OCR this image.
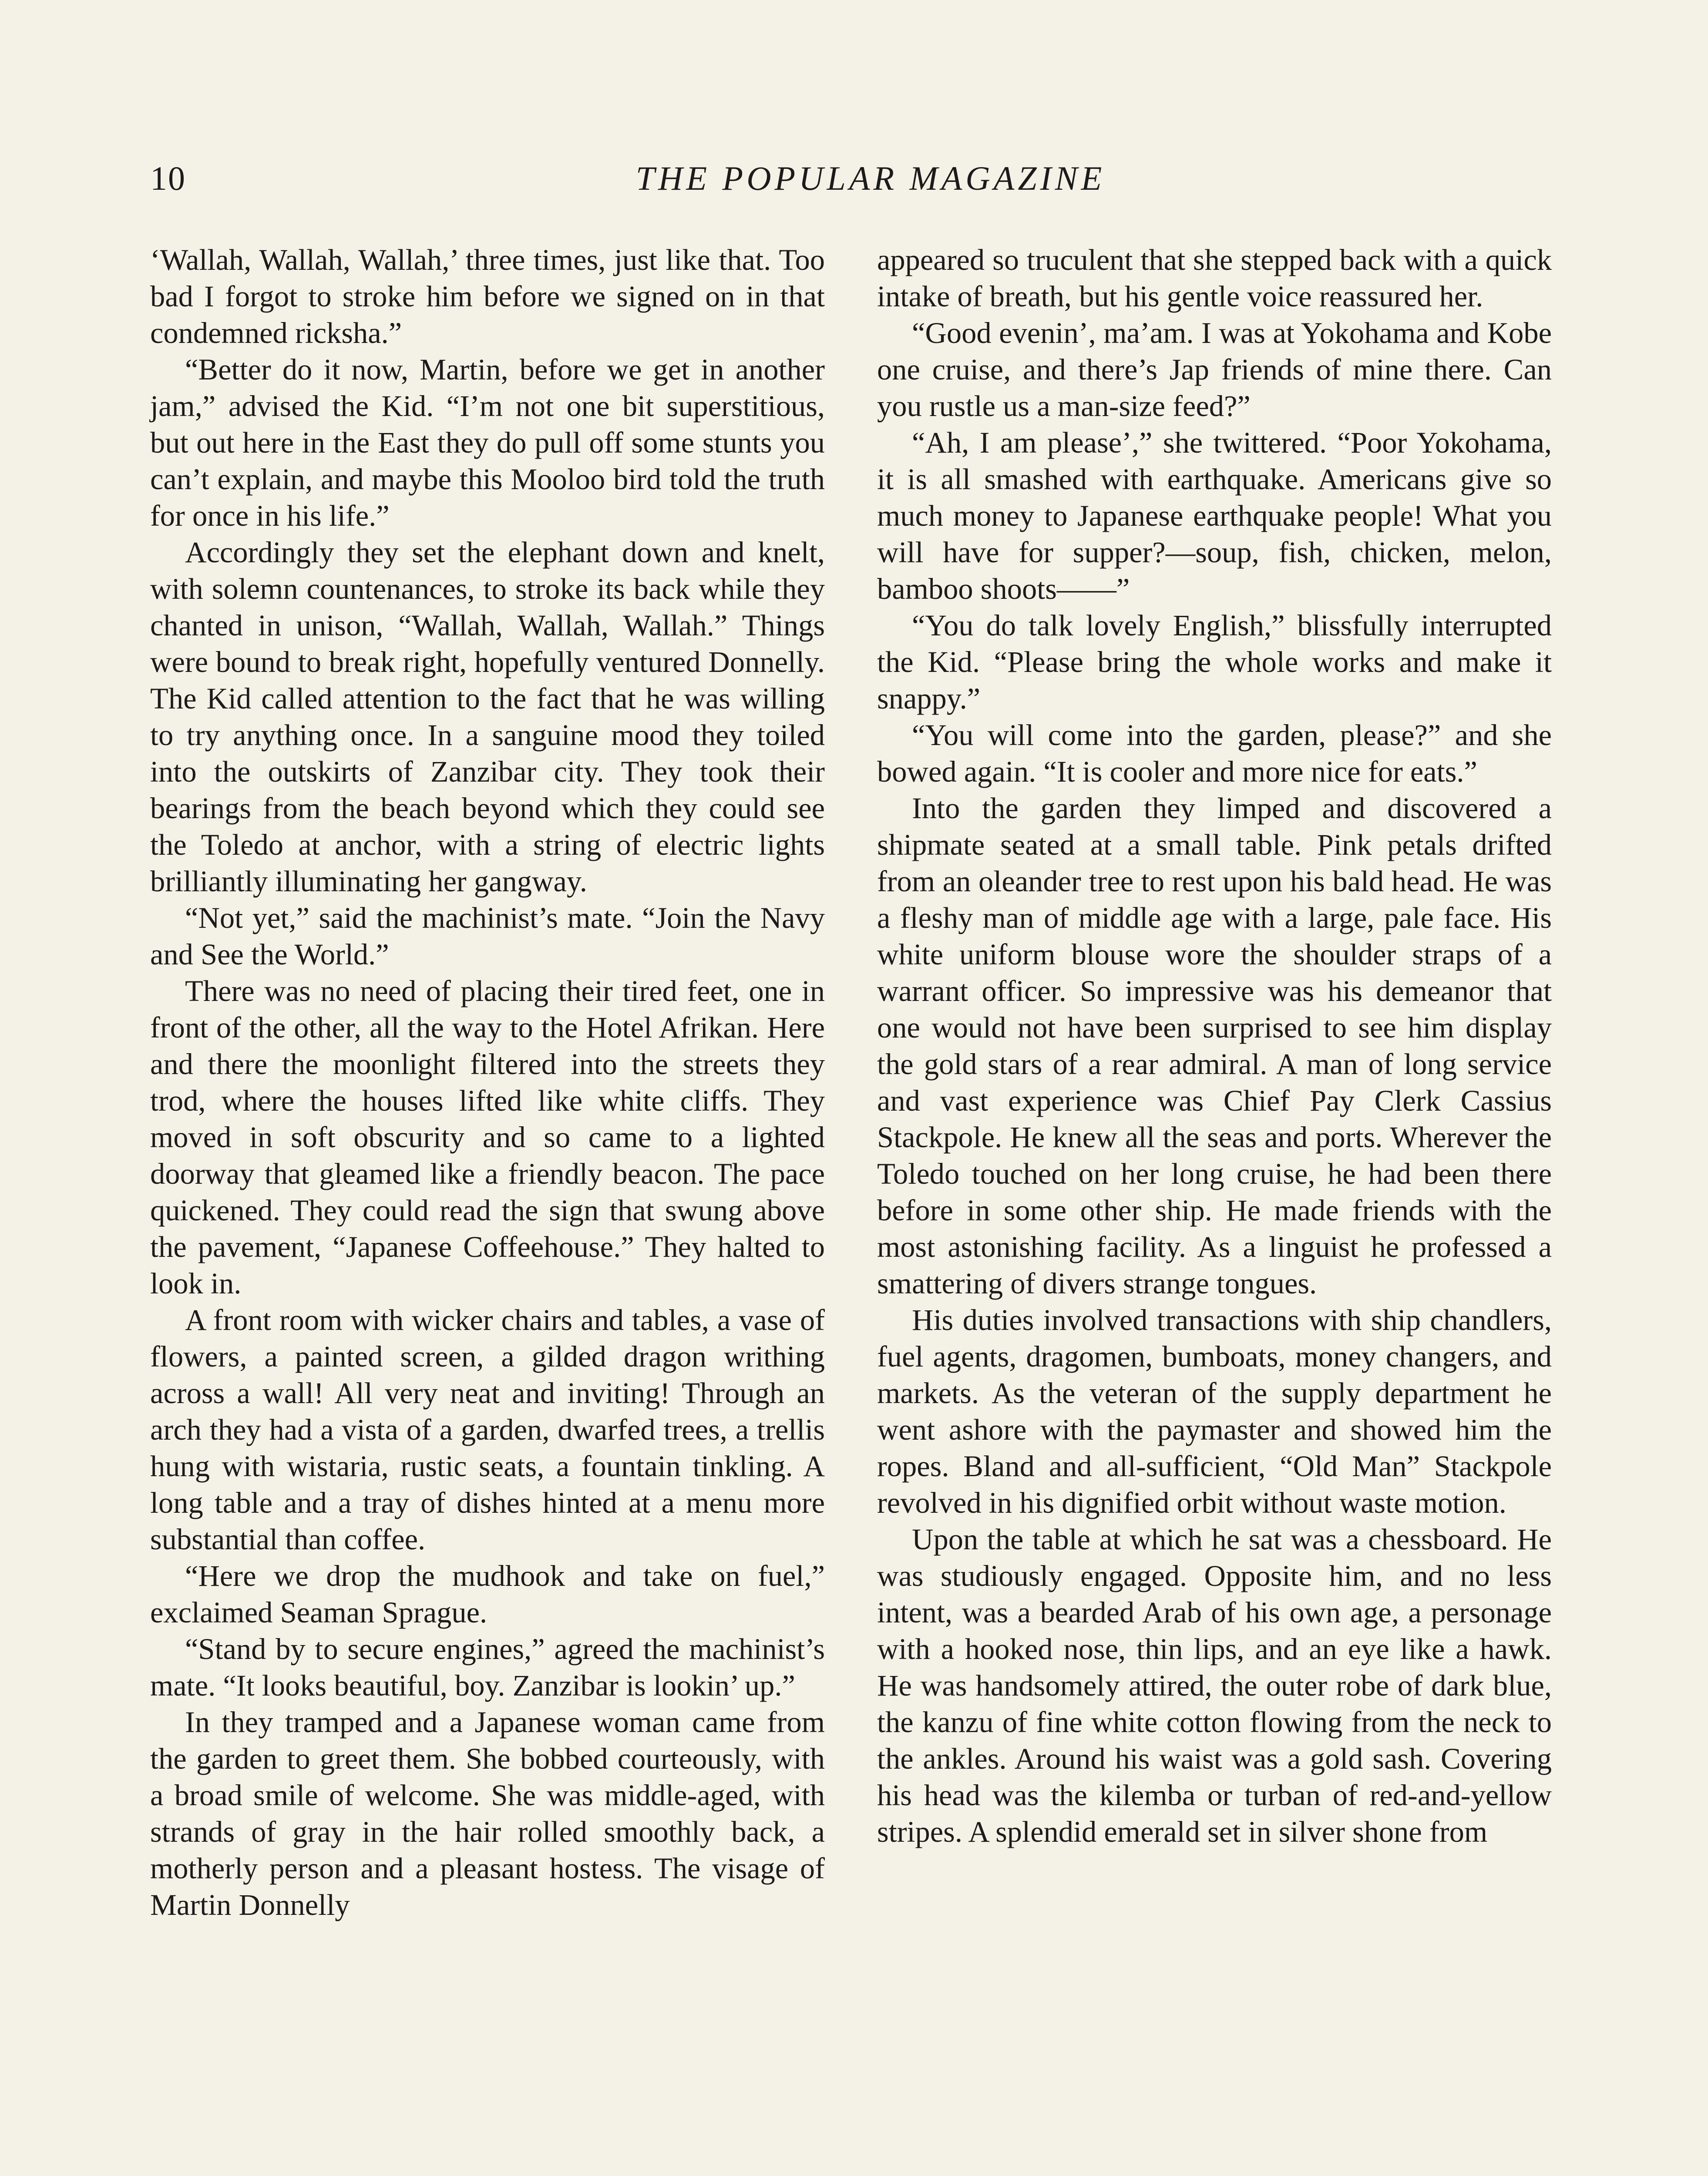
10	THE POPULAR MAGAZINE

‘Wallah, Wallah, Wallah,’ three times, just like that. Too bad I forgot to stroke him before we signed on in that condemned ricksha.”

“Better do it now, Martin, before we get in another jam,” advised the Kid. “I’m not one bit superstitious, but out here in the East they do pull off some stunts you can’t explain, and maybe this Mooloo bird told the truth for once in his life.”

Accordingly they set the elephant down and knelt, with solemn countenances, to stroke its back while they chanted in unison, “Wallah, Wallah, Wallah.” Things were bound to break right, hopefully ventured Donnelly. The Kid called attention to the fact that he was willing to try anything once. In a sanguine mood they toiled into the outskirts of Zanzibar city. They took their bearings from the beach beyond which they could see the Toledo at anchor, with a string of electric lights brilliantly illuminating her gangway.

“Not yet,” said the machinist’s mate. “Join the Navy and See the World.”

There was no need of placing their tired feet, one in front of the other, all the way to the Hotel Afrikan. Here and there the moonlight filtered into the streets they trod, where the houses lifted like white cliffs. They moved in soft obscurity and so came to a lighted doorway that gleamed like a friendly beacon. The pace quickened. They could read the sign that swung above the pavement, “Japanese Coffeehouse.” They halted to look in.

A front room with wicker chairs and tables, a vase of flowers, a painted screen, a gilded dragon writhing across a wall! All very neat and inviting! Through an arch they had a vista of a garden, dwarfed trees, a trellis hung with wistaria, rustic seats, a fountain tinkling. A long table and a tray of dishes hinted at a menu more substantial than coffee.

“Here we drop the mudhook and take on fuel,” exclaimed Seaman Sprague.

“Stand by to secure engines,” agreed the machinist’s mate. “It looks beautiful, boy. Zanzibar is lookin’ up.”

In they tramped and a Japanese woman came from the garden to greet them. She bobbed courteously, with a broad smile of welcome. She was middle-aged, with strands of gray in the hair rolled smoothly back, a motherly person and a pleasant hostess. The visage of Martin Donnelly

appeared so truculent that she stepped back with a quick intake of breath, but his gentle voice reassured her.

“Good evenin’, ma’am. I was at Yokohama and Kobe one cruise, and there’s Jap friends of mine there. Can you rustle us a man-size feed?”

“Ah, I am please’,” she twittered. “Poor Yokohama, it is all smashed with earthquake. Americans give so much money to Japanese earthquake people! What you will have for supper?—soup, fish, chicken, melon, bamboo shoots——”

“You do talk lovely English,” blissfully interrupted the Kid. “Please bring the whole works and make it snappy.”

“You will come into the garden, please?” and she bowed again. “It is cooler and more nice for eats.”

Into the garden they limped and discovered a shipmate seated at a small table. Pink petals drifted from an oleander tree to rest upon his bald head. He was a fleshy man of middle age with a large, pale face. His white uniform blouse wore the shoulder straps of a warrant officer. So impressive was his demeanor that one would not have been surprised to see him display the gold stars of a rear admiral. A man of long service and vast experience was Chief Pay Clerk Cassius Stackpole. He knew all the seas and ports. Wherever the Toledo touched on her long cruise, he had been there before in some other ship. He made friends with the most astonishing facility. As a linguist he professed a smattering of divers strange tongues.

His duties involved transactions with ship chandlers, fuel agents, dragomen, bumboats, money changers, and markets. As the veteran of the supply department he went ashore with the paymaster and showed him the ropes. Bland and all-sufficient, “Old Man” Stackpole revolved in his dignified orbit without waste motion.

Upon the table at which he sat was a chessboard. He was studiously engaged. Opposite him, and no less intent, was a bearded Arab of his own age, a personage with a hooked nose, thin lips, and an eye like a hawk. He was handsomely attired, the outer robe of dark blue, the kanzu of fine white cotton flowing from the neck to the ankles. Around his waist was a gold sash. Covering his head was the kilemba or turban of red-and-yellow stripes. A splendid emerald set in silver shone from
